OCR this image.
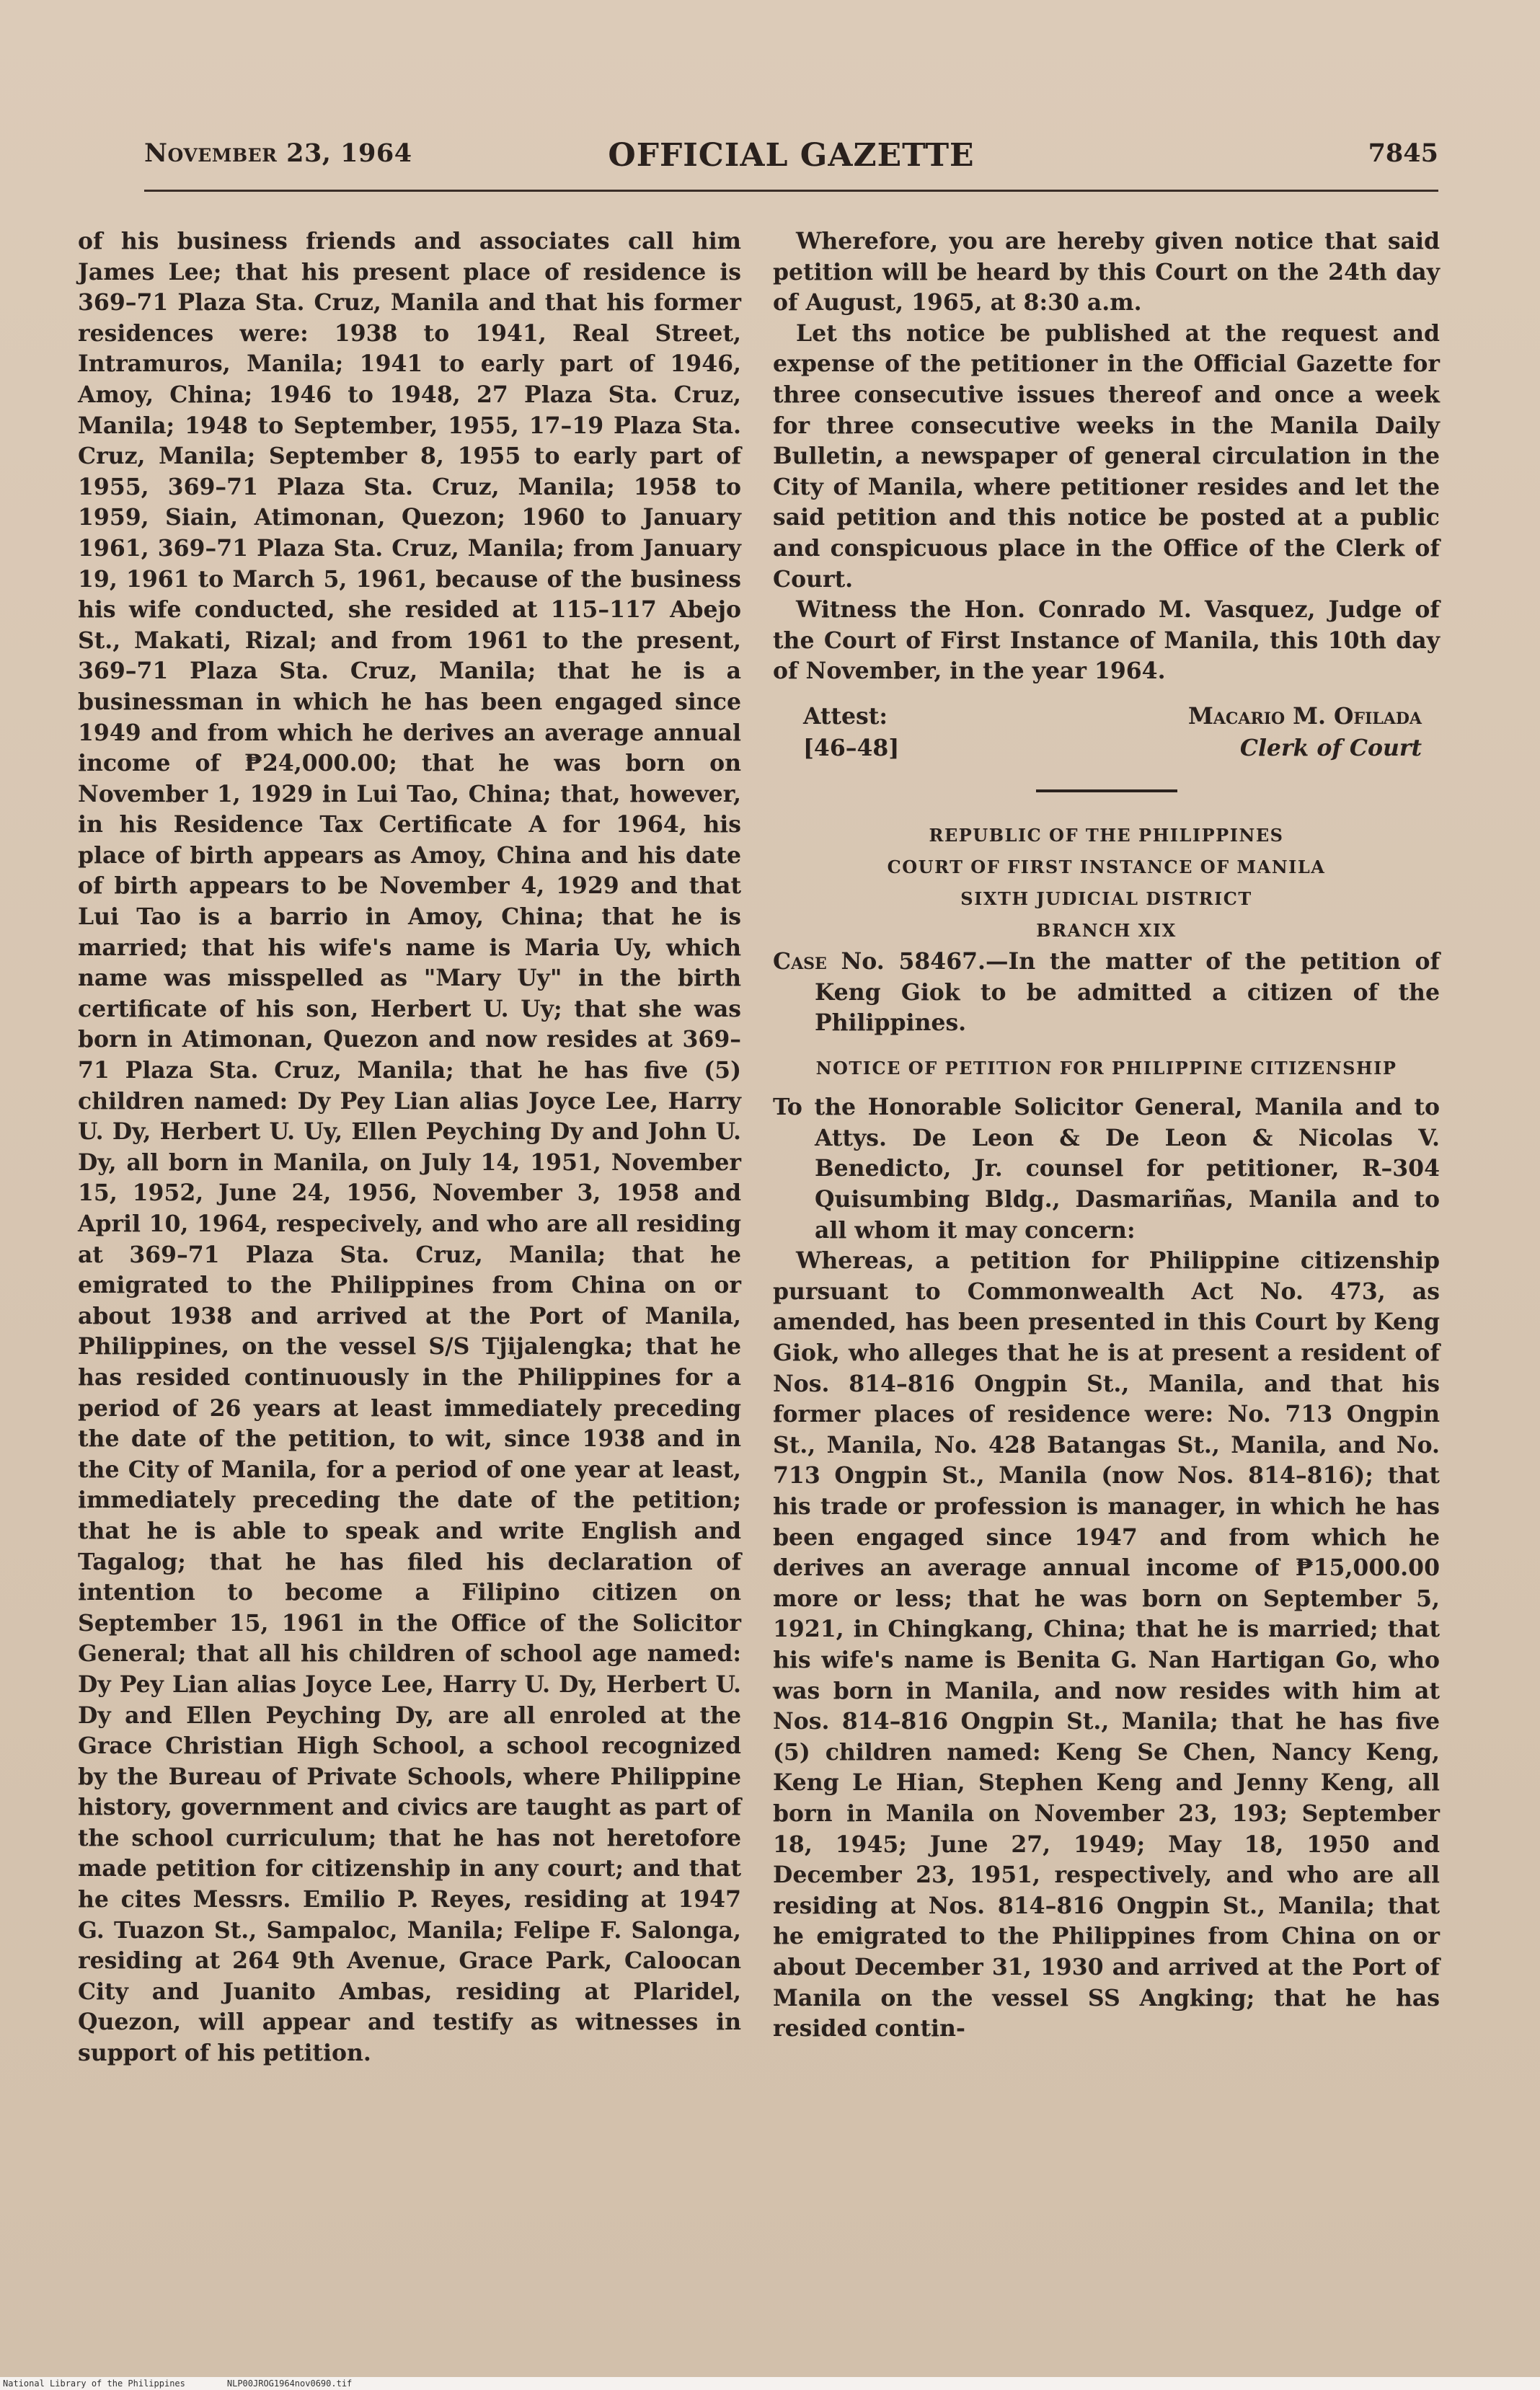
November 23, 1964	OFFICIAL GAZETTE	7845

of his business friends and associates call him James Lee; that his present place of residence is 369–71 Plaza Sta. Cruz, Manila and that his former residences were: 1938 to 1941, Real Street, Intramuros, Manila; 1941 to early part of 1946, Amoy, China; 1946 to 1948, 27 Plaza Sta. Cruz, Manila; 1948 to September, 1955, 17–19 Plaza Sta. Cruz, Manila; September 8, 1955 to early part of 1955, 369–71 Plaza Sta. Cruz, Manila; 1958 to 1959, Siain, Atimonan, Quezon; 1960 to January 1961, 369–71 Plaza Sta. Cruz, Manila; from January 19, 1961 to March 5, 1961, because of the business his wife conducted, she resided at 115–117 Abejo St., Makati, Rizal; and from 1961 to the present, 369–71 Plaza Sta. Cruz, Manila; that he is a businessman in which he has been engaged since 1949 and from which he derives an average annual income of ₱24,000.00; that he was born on November 1, 1929 in Lui Tao, China; that, however, in his Residence Tax Certificate A for 1964, his place of birth appears as Amoy, China and his date of birth appears to be November 4, 1929 and that Lui Tao is a barrio in Amoy, China; that he is married; that his wife's name is Maria Uy, which name was misspelled as "Mary Uy" in the birth certificate of his son, Herbert U. Uy; that she was born in Atimonan, Quezon and now resides at 369–71 Plaza Sta. Cruz, Manila; that he has five (5) children named: Dy Pey Lian alias Joyce Lee, Harry U. Dy, Herbert U. Uy, Ellen Peyching Dy and John U. Dy, all born in Manila, on July 14, 1951, November 15, 1952, June 24, 1956, November 3, 1958 and April 10, 1964, respecively, and who are all residing at 369–71 Plaza Sta. Cruz, Manila; that he emigrated to the Philippines from China on or about 1938 and arrived at the Port of Manila, Philippines, on the vessel S/S Tjijalengka; that he has resided continuously in the Philippines for a period of 26 years at least immediately preceding the date of the petition, to wit, since 1938 and in the City of Manila, for a period of one year at least, immediately preceding the date of the petition; that he is able to speak and write English and Tagalog; that he has filed his declaration of intention to become a Filipino citizen on September 15, 1961 in the Office of the Solicitor General; that all his children of school age named: Dy Pey Lian alias Joyce Lee, Harry U. Dy, Herbert U. Dy and Ellen Peyching Dy, are all enroled at the Grace Christian High School, a school recognized by the Bureau of Private Schools, where Philippine history, government and civics are taught as part of the school curriculum; that he has not heretofore made petition for citizenship in any court; and that he cites Messrs. Emilio P. Reyes, residing at 1947 G. Tuazon St., Sampaloc, Manila; Felipe F. Salonga, residing at 264 9th Avenue, Grace Park, Caloocan City and Juanito Ambas, residing at Plaridel, Quezon, will appear and testify as witnesses in support of his petition.

Wherefore, you are hereby given notice that said petition will be heard by this Court on the 24th day of August, 1965, at 8:30 a.m.

Let ths notice be published at the request and expense of the petitioner in the Official Gazette for three consecutive issues thereof and once a week for three consecutive weeks in the Manila Daily Bulletin, a newspaper of general circulation in the City of Manila, where petitioner resides and let the said petition and this notice be posted at a public and conspicuous place in the Office of the Clerk of Court.

Witness the Hon. Conrado M. Vasquez, Judge of the Court of First Instance of Manila, this 10th day of November, in the year 1964.

Attest:
[46–48]
Macario M. Ofilada
Clerk of Court
REPUBLIC OF THE PHILIPPINES
COURT OF FIRST INSTANCE OF MANILA
SIXTH JUDICIAL DISTRICT
BRANCH XIX

Case No. 58467.—In the matter of the petition of Keng Giok to be admitted a citizen of the Philippines.

NOTICE OF PETITION FOR PHILIPPINE CITIZENSHIP

To the Honorable Solicitor General, Manila and to Attys. De Leon & De Leon & Nicolas V. Benedicto, Jr. counsel for petitioner, R–304 Quisumbing Bldg., Dasmariñas, Manila and to all whom it may concern:

Whereas, a petition for Philippine citizenship pursuant to Commonwealth Act No. 473, as amended, has been presented in this Court by Keng Giok, who alleges that he is at present a resident of Nos. 814–816 Ongpin St., Manila, and that his former places of residence were: No. 713 Ongpin St., Manila, No. 428 Batangas St., Manila, and No. 713 Ongpin St., Manila (now Nos. 814–816); that his trade or profession is manager, in which he has been engaged since 1947 and from which he derives an average annual income of ₱15,000.00 more or less; that he was born on September 5, 1921, in Chingkang, China; that he is married; that his wife's name is Benita G. Nan Hartigan Go, who was born in Manila, and now resides with him at Nos. 814–816 Ongpin St., Manila; that he has five (5) children named: Keng Se Chen, Nancy Keng, Keng Le Hian, Stephen Keng and Jenny Keng, all born in Manila on November 23, 193; September 18, 1945; June 27, 1949; May 18, 1950 and December 23, 1951, respectively, and who are all residing at Nos. 814–816 Ongpin St., Manila; that he emigrated to the Philippines from China on or about December 31, 1930 and arrived at the Port of Manila on the vessel SS Angking; that he has resided contin-

National Library of the Philippines	NLP00JROG1964nov0690.tif
